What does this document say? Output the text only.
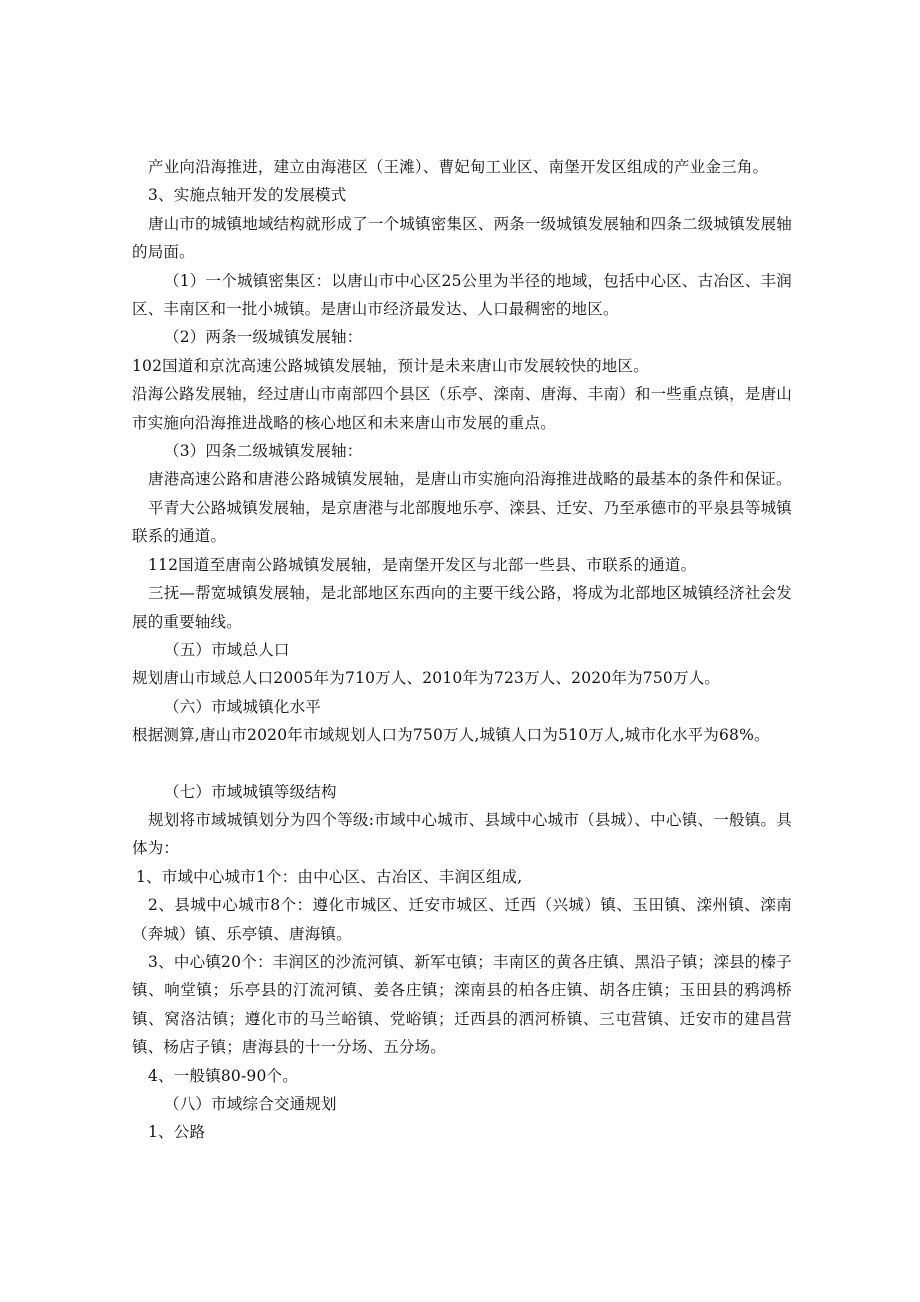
产业向沿海推进，建立由海港区（王滩）、曹妃甸工业区、南堡开发区组成的产业金三角。

3、实施点轴开发的发展模式

唐山市的城镇地域结构就形成了一个城镇密集区、两条一级城镇发展轴和四条二级城镇发展轴的局面。

（1）一个城镇密集区：以唐山市中心区25公里为半径的地域，包括中心区、古冶区、丰润区、丰南区和一批小城镇。是唐山市经济最发达、人口最稠密的地区。

（2）两条一级城镇发展轴：

102国道和京沈高速公路城镇发展轴，预计是未来唐山市发展较快的地区。

沿海公路发展轴，经过唐山市南部四个县区（乐亭、滦南、唐海、丰南）和一些重点镇，是唐山市实施向沿海推进战略的核心地区和未来唐山市发展的重点。

（3）四条二级城镇发展轴：

唐港高速公路和唐港公路城镇发展轴，是唐山市实施向沿海推进战略的最基本的条件和保证。

平青大公路城镇发展轴，是京唐港与北部腹地乐亭、滦县、迁安、乃至承德市的平泉县等城镇联系的通道。

112国道至唐南公路城镇发展轴，是南堡开发区与北部一些县、市联系的通道。

三抚—帮宽城镇发展轴，是北部地区东西向的主要干线公路，将成为北部地区城镇经济社会发展的重要轴线。

（五）市域总人口

规划唐山市域总人口2005年为710万人、2010年为723万人、2020年为750万人。

（六）市域城镇化水平

根据测算,唐山市2020年市域规划人口为750万人,城镇人口为510万人,城市化水平为68%。

（七）市域城镇等级结构

规划将市域城镇划分为四个等级:市域中心城市、县域中心城市（县城）、中心镇、一般镇。具体为：

1、市域中心城市1个：由中心区、古冶区、丰润区组成,

2、县城中心城市8个：遵化市城区、迁安市城区、迁西（兴城）镇、玉田镇、滦州镇、滦南（奔城）镇、乐亭镇、唐海镇。

3、中心镇20个：丰润区的沙流河镇、新军屯镇；丰南区的黄各庄镇、黑沿子镇；滦县的榛子镇、响堂镇；乐亭县的汀流河镇、姜各庄镇；滦南县的柏各庄镇、胡各庄镇；玉田县的鸦鸿桥镇、窝洛沽镇；遵化市的马兰峪镇、党峪镇；迁西县的洒河桥镇、三屯营镇、迁安市的建昌营镇、杨店子镇；唐海县的十一分场、五分场。

4、一般镇80-90个。

（八）市域综合交通规划

1、公路
